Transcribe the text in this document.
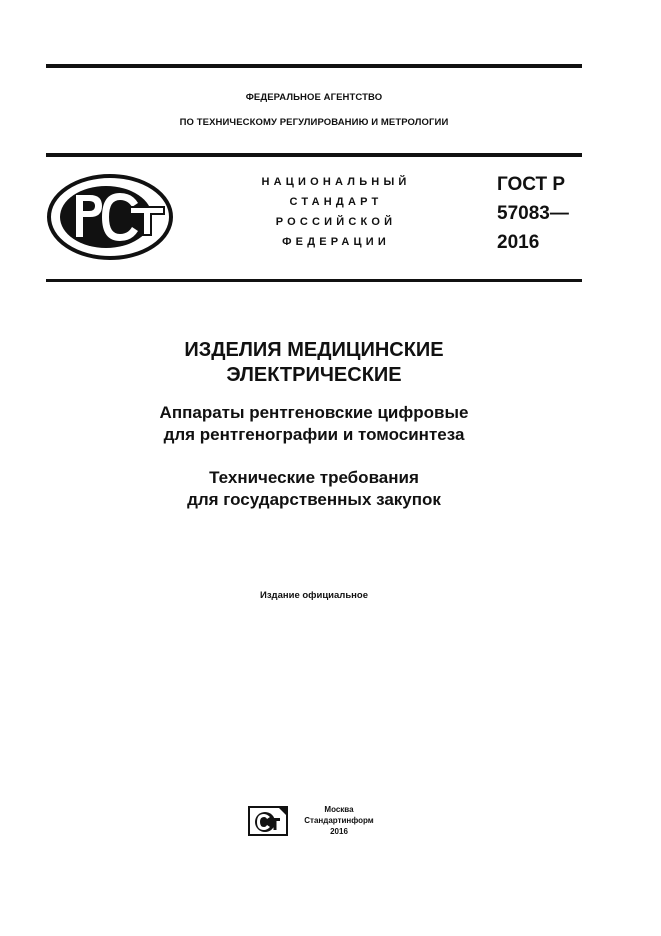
ФЕДЕРАЛЬНОЕ АГЕНТСТВО
ПО ТЕХНИЧЕСКОМУ РЕГУЛИРОВАНИЮ И МЕТРОЛОГИИ
НАЦИОНАЛЬНЫЙ
СТАНДАРТ
РОССИЙСКОЙ
ФЕДЕРАЦИИ
ГОСТ Р
57083—
2016
ИЗДЕЛИЯ МЕДИЦИНСКИЕ
ЭЛЕКТРИЧЕСКИЕ
Аппараты рентгеновские цифровые
для рентгенографии и томосинтеза
Технические требования
для государственных закупок
Издание официальное
Москва
Стандартинформ
2016
